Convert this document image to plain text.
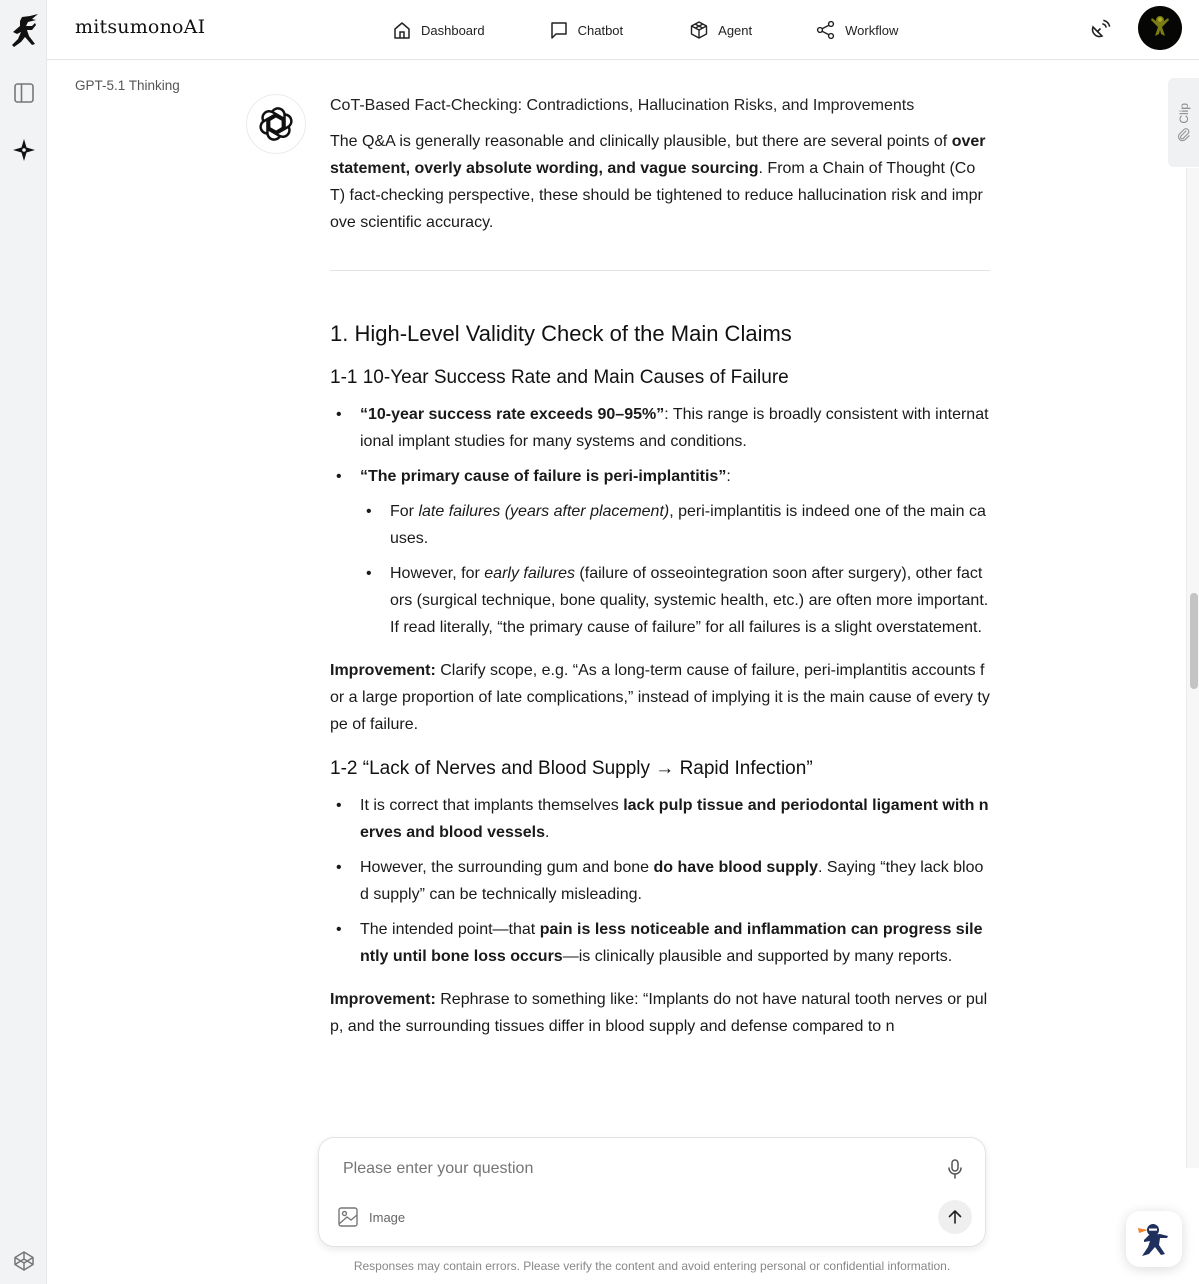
mitsumonoAI	Dashboard	Chatbot	Agent	Workflow
GPT-5.1 Thinking
CoT-Based Fact-Checking: Contradictions, Hallucination Risks, and Improvements

The Q&A is generally reasonable and clinically plausible, but there are several points of overstatement, overly absolute wording, and vague sourcing. From a Chain of Thought (CoT) fact-checking perspective, these should be tightened to reduce hallucination risk and improve scientific accuracy.

1. High-Level Validity Check of the Main Claims
1-1 10-Year Success Rate and Main Causes of Failure
• “10-year success rate exceeds 90–95%”: This range is broadly consistent with international implant studies for many systems and conditions.
• “The primary cause of failure is peri-implantitis”:
• For late failures (years after placement), peri-implantitis is indeed one of the main causes.
• However, for early failures (failure of osseointegration soon after surgery), other factors (surgical technique, bone quality, systemic health, etc.) are often more important. If read literally, “the primary cause of failure” for all failures is a slight overstatement.

Improvement: Clarify scope, e.g. “As a long-term cause of failure, peri-implantitis accounts for a large proportion of late complications,” instead of implying it is the main cause of every type of failure.

1-2 “Lack of Nerves and Blood Supply → Rapid Infection”
• It is correct that implants themselves lack pulp tissue and periodontal ligament with nerves and blood vessels.
• However, the surrounding gum and bone do have blood supply. Saying “they lack blood supply” can be technically misleading.
• The intended point—that pain is less noticeable and inflammation can progress silently until bone loss occurs—is clinically plausible and supported by many reports.

Improvement: Rephrase to something like: “Implants do not have natural tooth nerves or pulp, and the surrounding tissues differ in blood supply and defense compared to n

Clip
Please enter your question
Image
Responses may contain errors. Please verify the content and avoid entering personal or confidential information.
